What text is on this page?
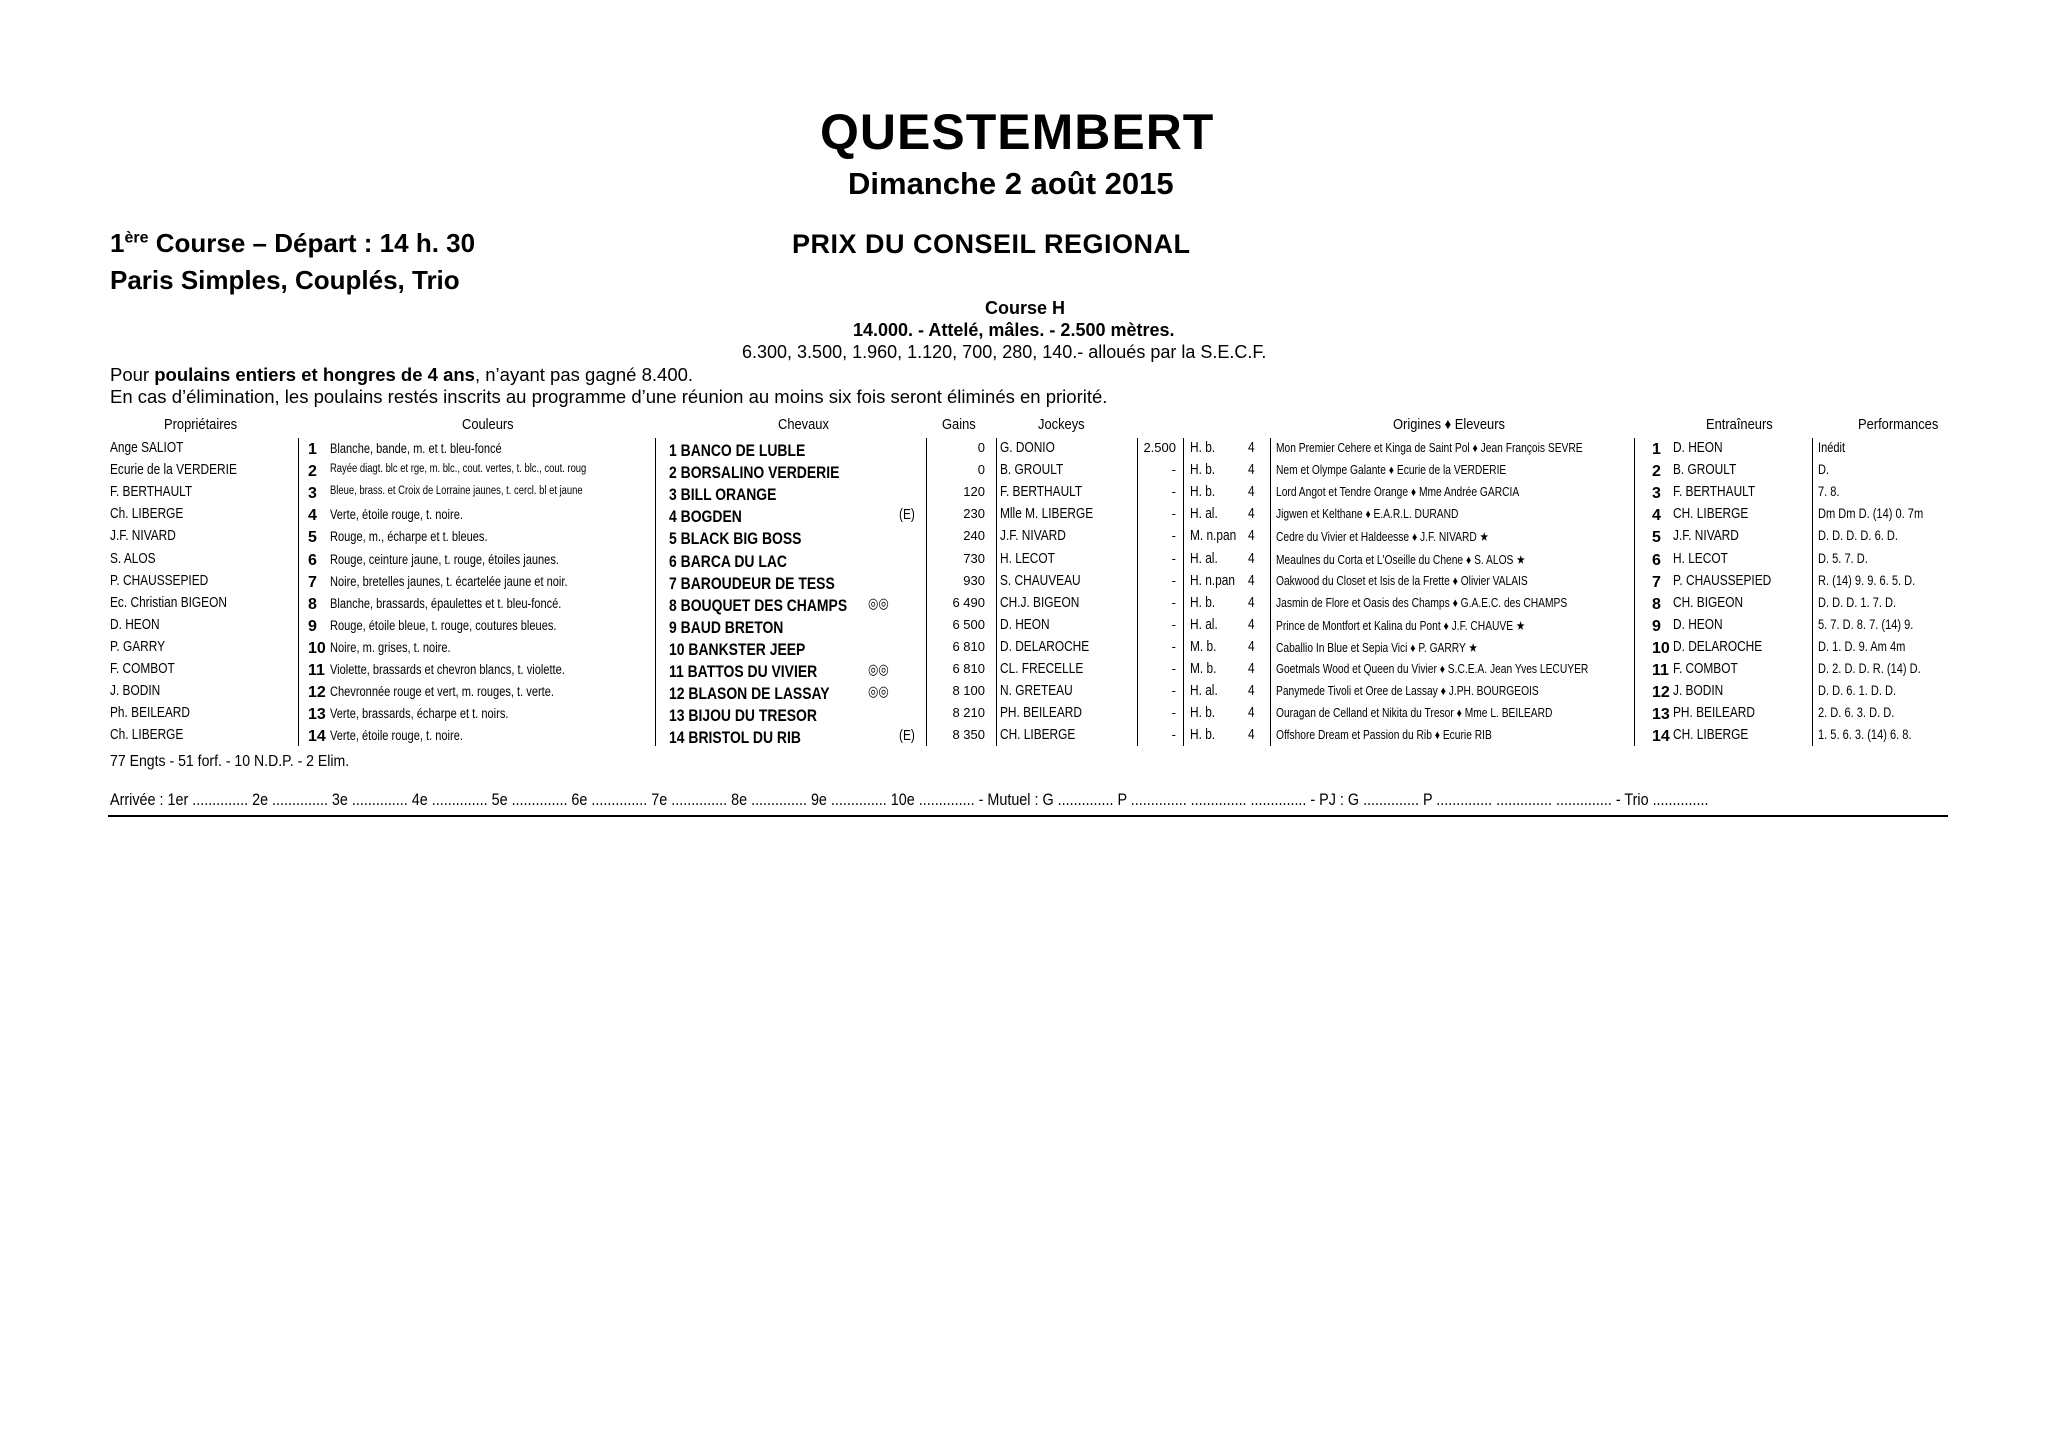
QUESTEMBERT
Dimanche 2 août 2015
1ère Course – Départ : 14 h. 30
Paris Simples, Couplés, Trio
PRIX DU CONSEIL REGIONAL
Course H
14.000. - Attelé, mâles. - 2.500 mètres.
6.300, 3.500, 1.960, 1.120, 700, 280, 140.- alloués par la S.E.C.F.
Pour poulains entiers et hongres de 4 ans, n’ayant pas gagné 8.400.
En cas d’élimination, les poulains restés inscrits au programme d’une réunion au moins six fois seront éliminés en priorité.
Propriétaires	Couleurs	Chevaux	Gains	Jockeys	Origines ♦ Eleveurs	Entraîneurs	Performances
Ange SALIOT	1 Blanche, bande, m. et t. bleu-foncé	1 BANCO DE LUBLE	0 G. DONIO	2.500 H. b. 4 Mon Premier Cehere et Kinga de Saint Pol ♦ Jean François SEVRE	1 D. HEON	Inédit
Ecurie de la VERDERIE	2 Rayée diagt. blc et rge, m. blc., cout. vertes, t. blc., cout. roug	2 BORSALINO VERDERIE	0 B. GROULT	- H. b. 4 Nem et Olympe Galante ♦ Ecurie de la VERDERIE	2 B. GROULT	D.
F. BERTHAULT	3 Bleue, brass. et Croix de Lorraine jaunes, t. cercl. bl et jaune	3 BILL ORANGE	120 F. BERTHAULT	- H. b. 4 Lord Angot et Tendre Orange ♦ Mme Andrée GARCIA	3 F. BERTHAULT	7. 8.
Ch. LIBERGE	4 Verte, étoile rouge, t. noire.	4 BOGDEN	(E)	230 Mlle M. LIBERGE	- H. al. 4 Jigwen et Kelthane ♦ E.A.R.L. DURAND	4 CH. LIBERGE	Dm Dm D. (14) 0. 7m
J.F. NIVARD	5 Rouge, m., écharpe et t. bleues.	5 BLACK BIG BOSS	240 J.F. NIVARD	- M. n.pan 4 Cedre du Vivier et Haldeesse ♦ J.F. NIVARD ★	5 J.F. NIVARD	D. D. D. D. 6. D.
S. ALOS	6 Rouge, ceinture jaune, t. rouge, étoiles jaunes.	6 BARCA DU LAC	730 H. LECOT	- H. al. 4 Meaulnes du Corta et L'Oseille du Chene ♦ S. ALOS ★	6 H. LECOT	D. 5. 7. D.
P. CHAUSSEPIED	7 Noire, bretelles jaunes, t. écartelée jaune et noir.	7 BAROUDEUR DE TESS	930 S. CHAUVEAU	- H. n.pan 4 Oakwood du Closet et Isis de la Frette ♦ Olivier VALAIS	7 P. CHAUSSEPIED	R. (14) 9. 9. 6. 5. D.
Ec. Christian BIGEON	8 Blanche, brassards, épaulettes et t. bleu-foncé.	8 BOUQUET DES CHAMPS ◎◎	6 490 CH.J. BIGEON	- H. b. 4 Jasmin de Flore et Oasis des Champs ♦ G.A.E.C. des CHAMPS	8 CH. BIGEON	D. D. D. 1. 7. D.
D. HEON	9 Rouge, étoile bleue, t. rouge, coutures bleues.	9 BAUD BRETON	6 500 D. HEON	- H. al. 4 Prince de Montfort et Kalina du Pont ♦ J.F. CHAUVE ★	9 D. HEON	5. 7. D. 8. 7. (14) 9.
P. GARRY	10 Noire, m. grises, t. noire.	10 BANKSTER JEEP	6 810 D. DELAROCHE	- M. b. 4 Caballio In Blue et Sepia Vici ♦ P. GARRY ★	10 D. DELAROCHE	D. 1. D. 9. Am 4m
F. COMBOT	11 Violette, brassards et chevron blancs, t. violette.	11 BATTOS DU VIVIER	◎◎	6 810 CL. FRECELLE	- M. b. 4 Goetmals Wood et Queen du Vivier ♦ S.C.E.A. Jean Yves LECUYER	11 F. COMBOT	D. 2. D. D. R. (14) D.
J. BODIN	12 Chevronnée rouge et vert, m. rouges, t. verte.	12 BLASON DE LASSAY	◎◎	8 100 N. GRETEAU	- H. al. 4 Panymede Tivoli et Oree de Lassay ♦ J.PH. BOURGEOIS	12 J. BODIN	D. D. 6. 1. D. D.
Ph. BEILEARD	13 Verte, brassards, écharpe et t. noirs.	13 BIJOU DU TRESOR	8 210 PH. BEILEARD	- H. b. 4 Ouragan de Celland et Nikita du Tresor ♦ Mme L. BEILEARD	13 PH. BEILEARD	2. D. 6. 3. D. D.
Ch. LIBERGE	14 Verte, étoile rouge, t. noire.	14 BRISTOL DU RIB	(E)	8 350 CH. LIBERGE	- H. b. 4 Offshore Dream et Passion du Rib ♦ Ecurie RIB	14 CH. LIBERGE	1. 5. 6. 3. (14) 6. 8.
77 Engts - 51 forf. - 10 N.D.P. - 2 Elim.
Arrivée : 1er .............. 2e .............. 3e .............. 4e .............. 5e .............. 6e .............. 7e .............. 8e .............. 9e .............. 10e .............. - Mutuel : G .............. P .............. .............. .............. - PJ : G .............. P .............. .............. .............. - Trio ..............
